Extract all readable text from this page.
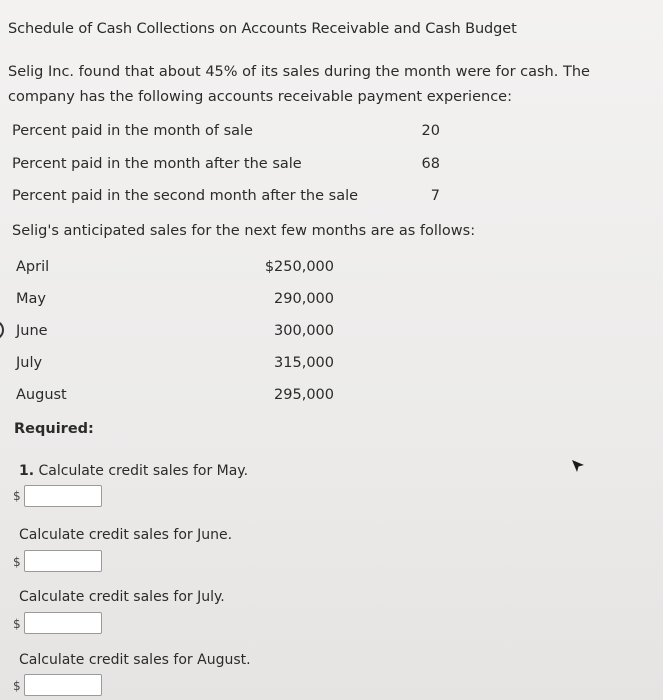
Schedule of Cash Collections on Accounts Receivable and Cash Budget
Selig Inc. found that about 45% of its sales during the month were for cash. The company has the following accounts receivable payment experience:
Percent paid in the month of sale	20
Percent paid in the month after the sale	68
Percent paid in the second month after the sale	7
Selig's anticipated sales for the next few months are as follows:
April	$250,000
May	290,000
June	300,000
July	315,000
August	295,000
Required:
1. Calculate credit sales for May.
$
Calculate credit sales for June.
$
Calculate credit sales for July.
$
Calculate credit sales for August.
$
